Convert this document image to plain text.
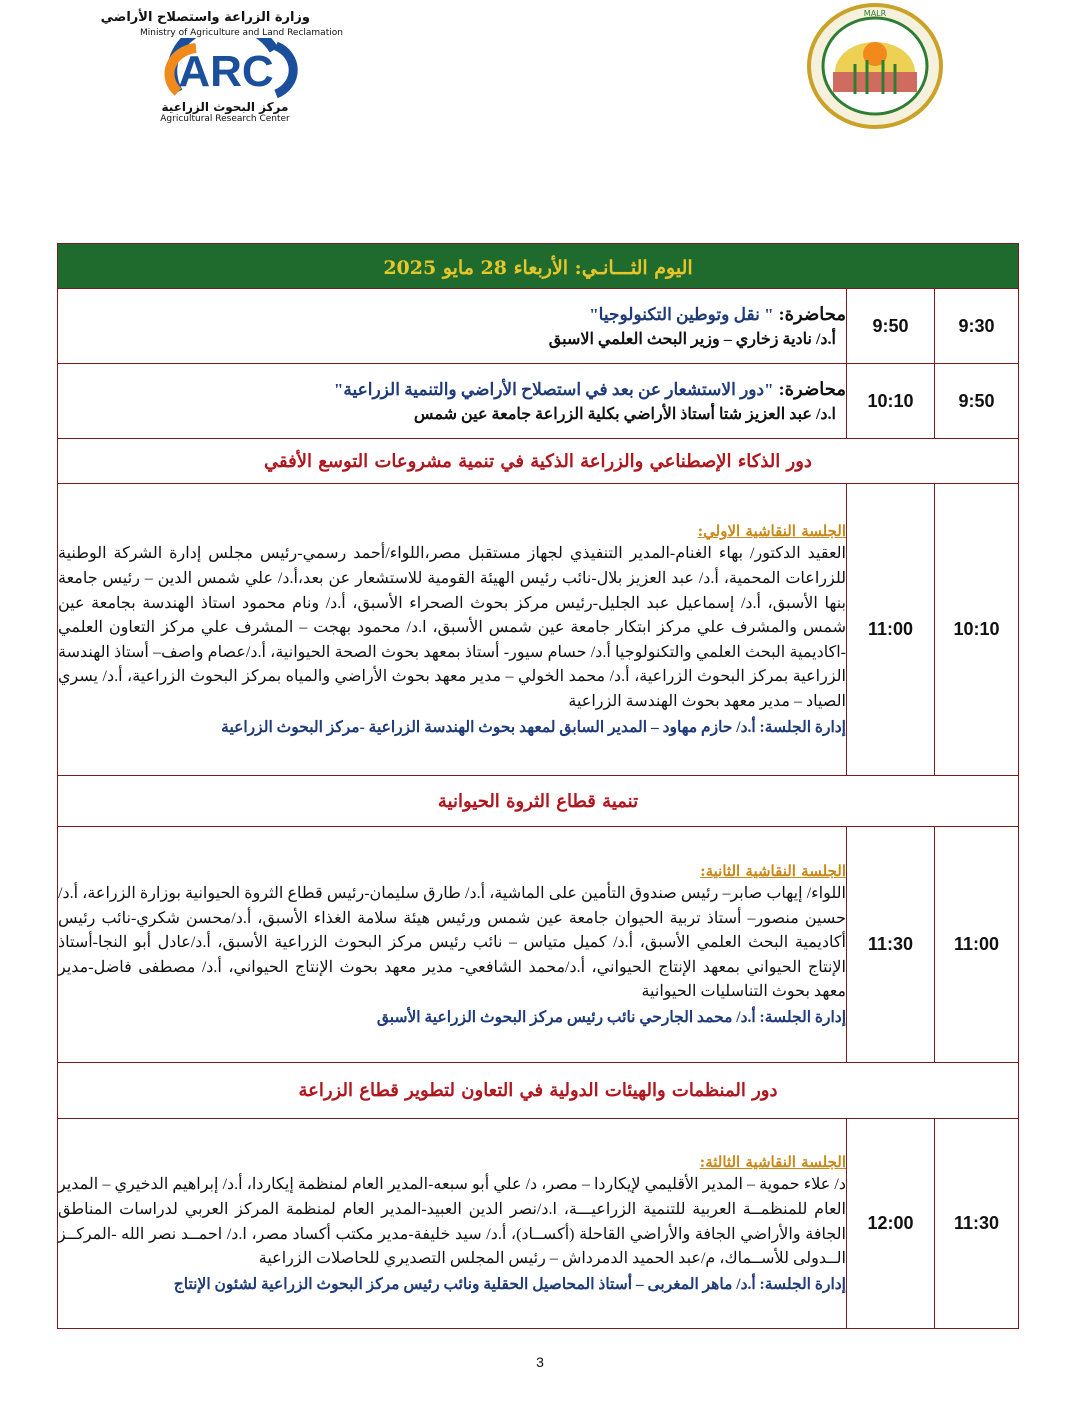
وزارة الزراعة واستصلاح الأراضي
Ministry of Agriculture and Land Reclamation
ARC
مركز البحوث الزراعية
Agricultural Research Center
MALR
اليوم الثـــانـي: الأربعاء 28 مايو 2025		
9:30	9:50	محاضرة: " نقل وتوطين التكنولوجيا"
أ.د/ نادية زخاري – وزير البحث العلمي الاسبق

9:50	10:10	محاضرة: "دور الاستشعار عن بعد في استصلاح الأراضي والتنمية الزراعية"
ا.د/ عبد العزيز شتا أستاذ الأراضي بكلية الزراعة جامعة عين شمس

دور الذكاء الإصطناعي والزراعة الذكية في تنمية مشروعات التوسع الأفقي		
10:10	11:00	الجلسة النقاشية الاولي:
العقيد الدكتور/ بهاء الغنام-المدير التنفيذي لجهاز مستقبل مصر،اللواء/أحمد رسمي-رئيس مجلس إدارة الشركة الوطنية للزراعات المحمية، أ.د/ عبد العزيز بلال-نائب رئيس الهيئة القومية للاستشعار عن بعد،أ.د/ علي شمس الدين – رئيس جامعة بنها الأسبق، أ.د/ إسماعيل عبد الجليل-رئيس مركز بحوث الصحراء الأسبق، أ.د/ ونام محمود استاذ الهندسة بجامعة عين شمس والمشرف علي مركز ابتكار جامعة عين شمس الأسبق، ا.د/ محمود بهجت – المشرف علي مركز التعاون العلمي -اكاديمية البحث العلمي والتكنولوجيا أ.د/ حسام سيور- أستاذ بمعهد بحوث الصحة الحيوانية، أ.د/عصام واصف– أستاذ الهندسة الزراعية بمركز البحوث الزراعية، أ.د/ محمد الخولي – مدير معهد بحوث الأراضي والمياه بمركز البحوث الزراعية، أ.د/ يسري الصياد – مدير معهد بحوث الهندسة الزراعية
إدارة الجلسة: أ.د/ حازم مهاود – المدير السابق لمعهد بحوث الهندسة الزراعية -مركز البحوث الزراعية

تنمية قطاع الثروة الحيوانية		
11:00	11:30	الجلسة النقاشية الثانية:
اللواء/ إيهاب صابر– رئيس صندوق التأمين على الماشية، أ.د/ طارق سليمان-رئيس قطاع الثروة الحيوانية بوزارة الزراعة، أ.د/ حسين منصور– أستاذ تربية الحيوان جامعة عين شمس ورئيس هيئة سلامة الغذاء الأسبق، أ.د/محسن شكري-نائب رئيس أكاديمية البحث العلمي الأسبق، أ.د/ كميل متياس – نائب رئيس مركز البحوث الزراعية الأسبق، أ.د/عادل أبو النجا-أستاذ الإنتاج الحيواني بمعهد الإنتاج الحيواني، أ.د/محمد الشافعي- مدير معهد بحوث الإنتاج الحيواني، أ.د/ مصطفى فاضل-مدير معهد بحوث التناسليات الحيوانية
إدارة الجلسة: أ.د/ محمد الجارحي نائب رئيس مركز البحوث الزراعية الأسبق

دور المنظمات والهيئات الدولية في التعاون لتطوير قطاع الزراعة		
11:30	12:00	الجلسة النقاشية الثالثة:
د/ علاء حموية – المدير الأقليمي لإيكاردا – مصر، د/ علي أبو سبعه-المدير العام لمنظمة إيكاردا، أ.د/ إبراهيم الدخيري – المدير العام للمنظمــة العربية للتنمية الزراعيـــة، ا.د/نصر الدين العبيد-المدير العام لمنظمة المركز العربي لدراسات المناطق الجافة والأراضي الجافة والأراضي القاحلة (أكســاد)، أ.د/ سيد خليفة-مدير مكتب أكساد مصر، ا.د/ احمــد نصر الله -المركــز الــدولى للأســماك، م/عبد الحميد الدمرداش – رئيس المجلس التصديري للحاصلات الزراعية
إدارة الجلسة: أ.د/ ماهر المغربى – أستاذ المحاصيل الحقلية ونائب رئيس مركز البحوث الزراعية لشئون الإنتاج
3
